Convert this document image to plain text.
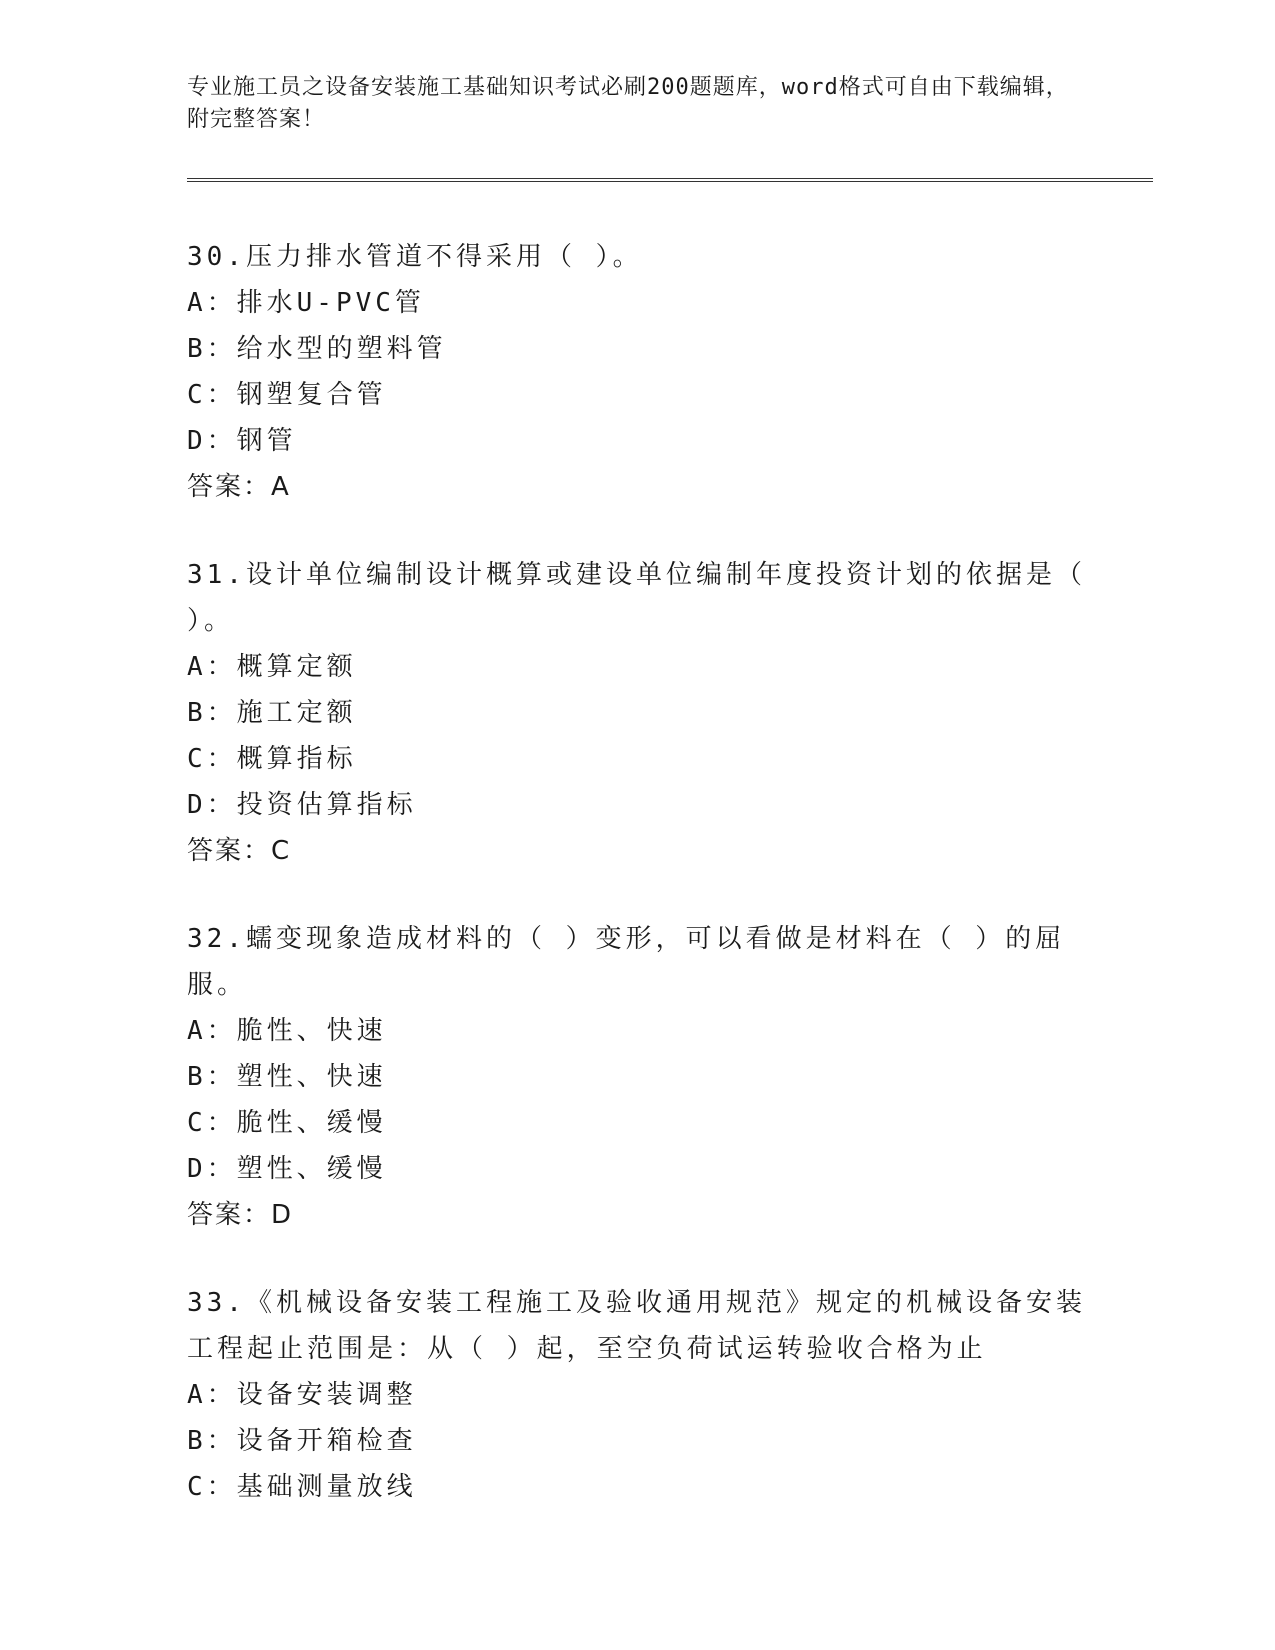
专业施工员之设备安装施工基础知识考试必刷200题题库，word格式可自由下载编辑，附完整答案！

30.压力排水管道不得采用（ ）。

A：排水U-PVC管

B：给水型的塑料管

C：钢塑复合管

D：钢管

答案：A

31.设计单位编制设计概算或建设单位编制年度投资计划的依据是（ ）。

A：概算定额

B：施工定额

C：概算指标

D：投资估算指标

答案：C

32.蠕变现象造成材料的（ ）变形，可以看做是材料在（ ）的屈服。

A：脆性、快速

B：塑性、快速

C：脆性、缓慢

D：塑性、缓慢

答案：D

33.《机械设备安装工程施工及验收通用规范》规定的机械设备安装工程起止范围是：从（ ）起，至空负荷试运转验收合格为止

A：设备安装调整

B：设备开箱检查

C：基础测量放线
